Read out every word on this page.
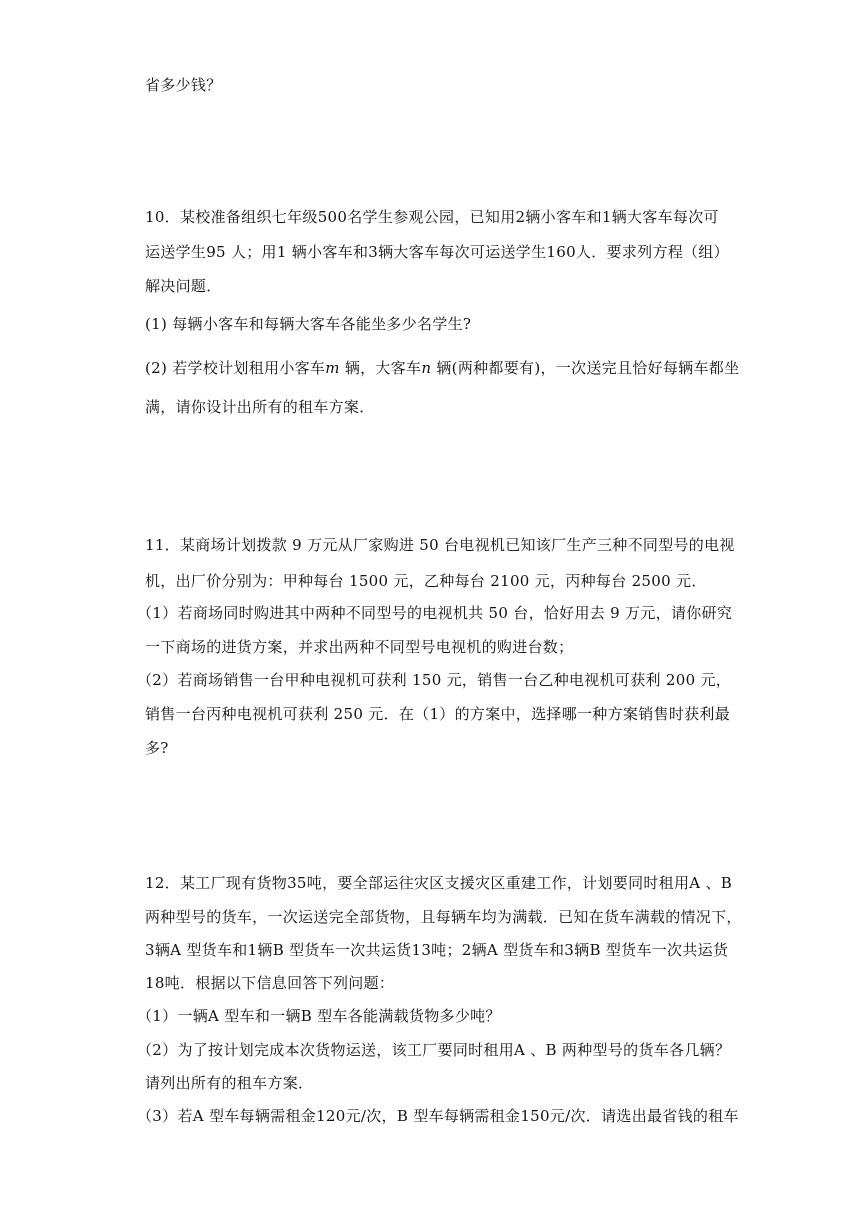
省多少钱？
10．某校准备组织七年级500名学生参观公园，已知用2辆小客车和1辆大客车每次可
运送学生95 人；用1 辆小客车和3辆大客车每次可运送学生160人．要求列方程（组）
解决问题．
(1) 每辆小客车和每辆大客车各能坐多少名学生?
(2) 若学校计划租用小客车m 辆，大客车n 辆(两种都要有)，一次送完且恰好每辆车都坐
满，请你设计出所有的租车方案．
11．某商场计划拨款 9 万元从厂家购进 50 台电视机已知该厂生产三种不同型号的电视
机，出厂价分别为：甲种每台 1500 元，乙种每台 2100 元，丙种每台 2500 元．
（1）若商场同时购进其中两种不同型号的电视机共 50 台，恰好用去 9 万元，请你研究
一下商场的进货方案，并求出两种不同型号电视机的购进台数；
（2）若商场销售一台甲种电视机可获利 150 元，销售一台乙种电视机可获利 200 元，
销售一台丙种电视机可获利 250 元．在（1）的方案中，选择哪一种方案销售时获利最
多?
12．某工厂现有货物35吨，要全部运往灾区支援灾区重建工作，计划要同时租用A 、B
两种型号的货车，一次运送完全部货物，且每辆车均为满载．已知在货车满载的情况下，
3辆A 型货车和1辆B 型货车一次共运货13吨；2辆A 型货车和3辆B 型货车一次共运货
18吨．根据以下信息回答下列问题：
（1）一辆A 型车和一辆B 型车各能满载货物多少吨？
（2）为了按计划完成本次货物运送，该工厂要同时租用A 、B 两种型号的货车各几辆？
请列出所有的租车方案．
（3）若A 型车每辆需租金120元/次，B 型车每辆需租金150元/次．请选出最省钱的租车
